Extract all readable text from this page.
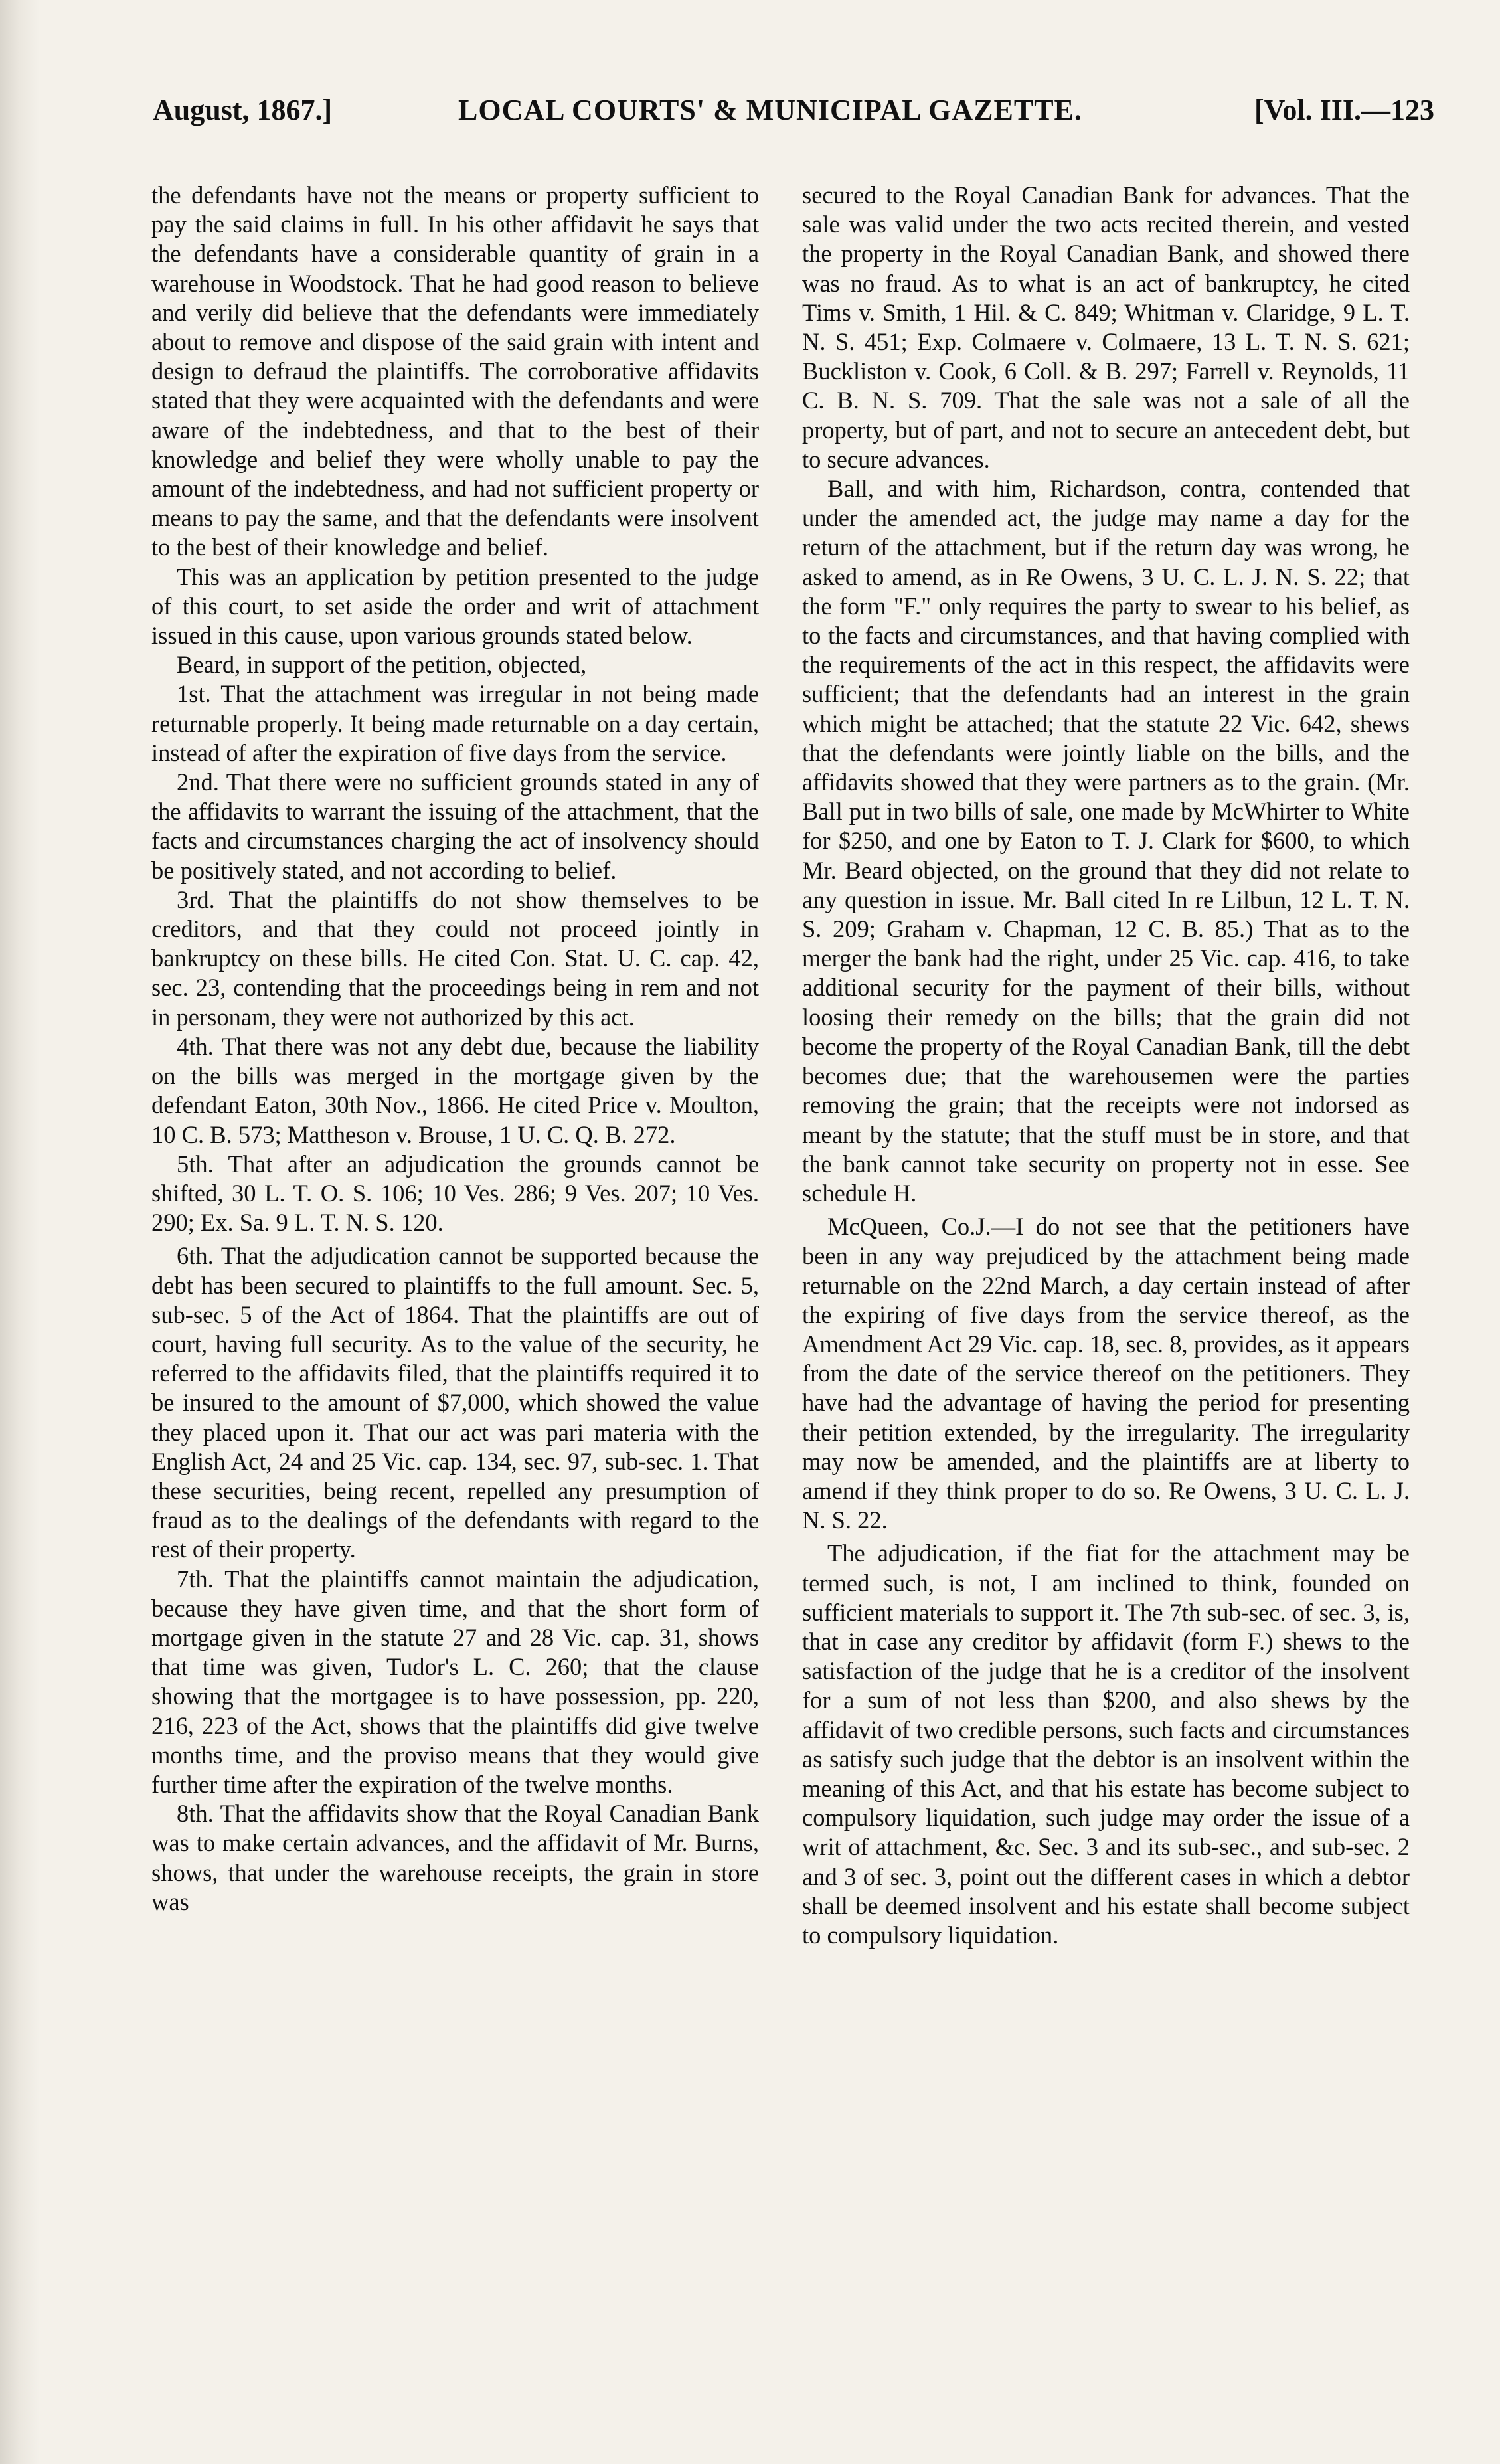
August, 1867.]	LOCAL COURTS' & MUNICIPAL GAZETTE.	[Vol. III.—123

the defendants have not the means or property sufficient to pay the said claims in full. In his other affidavit he says that the defendants have a considerable quantity of grain in a warehouse in Woodstock. That he had good reason to believe and verily did believe that the defendants were immediately about to remove and dispose of the said grain with intent and design to defraud the plaintiffs. The corroborative affidavits stated that they were acquainted with the defendants and were aware of the indebtedness, and that to the best of their knowledge and belief they were wholly unable to pay the amount of the indebtedness, and had not sufficient property or means to pay the same, and that the defendants were insolvent to the best of their knowledge and belief.

This was an application by petition presented to the judge of this court, to set aside the order and writ of attachment issued in this cause, upon various grounds stated below.

Beard, in support of the petition, objected,

1st. That the attachment was irregular in not being made returnable properly. It being made returnable on a day certain, instead of after the expiration of five days from the service.

2nd. That there were no sufficient grounds stated in any of the affidavits to warrant the issuing of the attachment, that the facts and circumstances charging the act of insolvency should be positively stated, and not according to belief.

3rd. That the plaintiffs do not show themselves to be creditors, and that they could not proceed jointly in bankruptcy on these bills. He cited Con. Stat. U. C. cap. 42, sec. 23, contending that the proceedings being in rem and not in personam, they were not authorized by this act.

4th. That there was not any debt due, because the liability on the bills was merged in the mortgage given by the defendant Eaton, 30th Nov., 1866. He cited Price v. Moulton, 10 C. B. 573; Mattheson v. Brouse, 1 U. C. Q. B. 272.

5th. That after an adjudication the grounds cannot be shifted, 30 L. T. O. S. 106; 10 Ves. 286; 9 Ves. 207; 10 Ves. 290; Ex. Sa. 9 L. T. N. S. 120.

6th. That the adjudication cannot be supported because the debt has been secured to plaintiffs to the full amount. Sec. 5, sub-sec. 5 of the Act of 1864. That the plaintiffs are out of court, having full security. As to the value of the security, he referred to the affidavits filed, that the plaintiffs required it to be insured to the amount of $7,000, which showed the value they placed upon it. That our act was pari materia with the English Act, 24 and 25 Vic. cap. 134, sec. 97, sub-sec. 1. That these securities, being recent, repelled any presumption of fraud as to the dealings of the defendants with regard to the rest of their property.

7th. That the plaintiffs cannot maintain the adjudication, because they have given time, and that the short form of mortgage given in the statute 27 and 28 Vic. cap. 31, shows that time was given, Tudor's L. C. 260; that the clause showing that the mortgagee is to have possession, pp. 220, 216, 223 of the Act, shows that the plaintiffs did give twelve months time, and the proviso means that they would give further time after the expiration of the twelve months.

8th. That the affidavits show that the Royal Canadian Bank was to make certain advances, and the affidavit of Mr. Burns, shows, that under the warehouse receipts, the grain in store was

secured to the Royal Canadian Bank for advances. That the sale was valid under the two acts recited therein, and vested the property in the Royal Canadian Bank, and showed there was no fraud. As to what is an act of bankruptcy, he cited Tims v. Smith, 1 Hil. & C. 849; Whitman v. Claridge, 9 L. T. N. S. 451; Exp. Colmaere v. Colmaere, 13 L. T. N. S. 621; Buckliston v. Cook, 6 Coll. & B. 297; Farrell v. Reynolds, 11 C. B. N. S. 709. That the sale was not a sale of all the property, but of part, and not to secure an antecedent debt, but to secure advances.

Ball, and with him, Richardson, contra, contended that under the amended act, the judge may name a day for the return of the attachment, but if the return day was wrong, he asked to amend, as in Re Owens, 3 U. C. L. J. N. S. 22; that the form "F." only requires the party to swear to his belief, as to the facts and circumstances, and that having complied with the requirements of the act in this respect, the affidavits were sufficient; that the defendants had an interest in the grain which might be attached; that the statute 22 Vic. 642, shews that the defendants were jointly liable on the bills, and the affidavits showed that they were partners as to the grain. (Mr. Ball put in two bills of sale, one made by McWhirter to White for $250, and one by Eaton to T. J. Clark for $600, to which Mr. Beard objected, on the ground that they did not relate to any question in issue. Mr. Ball cited In re Lilbun, 12 L. T. N. S. 209; Graham v. Chapman, 12 C. B. 85.) That as to the merger the bank had the right, under 25 Vic. cap. 416, to take additional security for the payment of their bills, without loosing their remedy on the bills; that the grain did not become the property of the Royal Canadian Bank, till the debt becomes due; that the warehousemen were the parties removing the grain; that the receipts were not indorsed as meant by the statute; that the stuff must be in store, and that the bank cannot take security on property not in esse. See schedule H.

McQueen, Co.J.—I do not see that the petitioners have been in any way prejudiced by the attachment being made returnable on the 22nd March, a day certain instead of after the expiring of five days from the service thereof, as the Amendment Act 29 Vic. cap. 18, sec. 8, provides, as it appears from the date of the service thereof on the petitioners. They have had the advantage of having the period for presenting their petition extended, by the irregularity. The irregularity may now be amended, and the plaintiffs are at liberty to amend if they think proper to do so. Re Owens, 3 U. C. L. J. N. S. 22.

The adjudication, if the fiat for the attachment may be termed such, is not, I am inclined to think, founded on sufficient materials to support it. The 7th sub-sec. of sec. 3, is, that in case any creditor by affidavit (form F.) shews to the satisfaction of the judge that he is a creditor of the insolvent for a sum of not less than $200, and also shews by the affidavit of two credible persons, such facts and circumstances as satisfy such judge that the debtor is an insolvent within the meaning of this Act, and that his estate has become subject to compulsory liquidation, such judge may order the issue of a writ of attachment, &c. Sec. 3 and its sub-sec., and sub-sec. 2 and 3 of sec. 3, point out the different cases in which a debtor shall be deemed insolvent and his estate shall become subject to compulsory liquidation.
